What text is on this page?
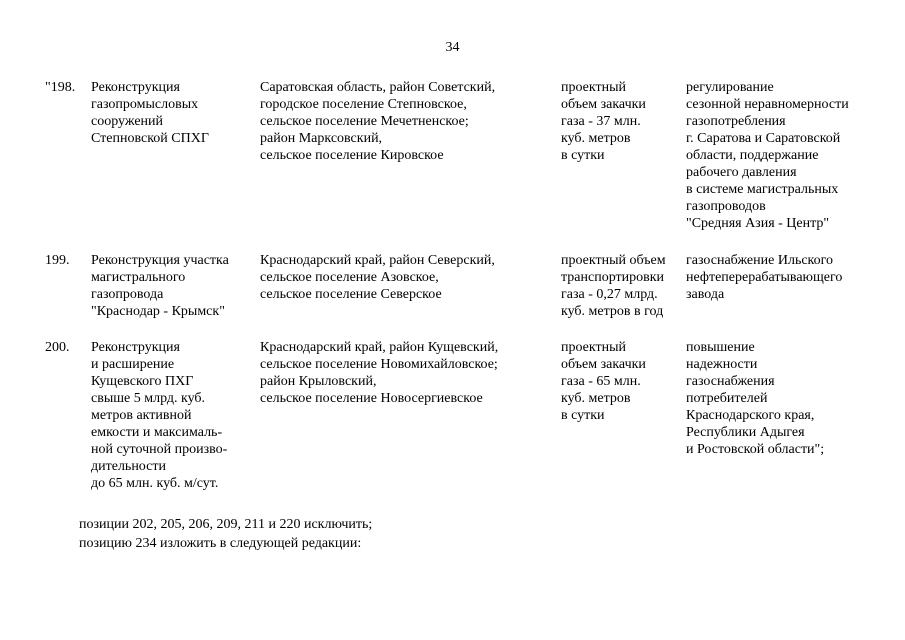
34
"198. Реконструкция
газопромысловых
сооружений
Степновской СПХГ
Саратовская область, район Советский,
городское поселение Степновское,
сельское поселение Мечетненское;
район Марксовский,
сельское поселение Кировское
проектный
объем закачки
газа - 37 млн.
куб. метров
в сутки
регулирование
сезонной неравномерности
газопотребления
г. Саратова и Саратовской
области, поддержание
рабочего давления
в системе магистральных
газопроводов
"Средняя Азия - Центр"
199. Реконструкция участка
магистрального
газопровода
"Краснодар - Крымск"
Краснодарский край, район Северский,
сельское поселение Азовское,
сельское поселение Северское
проектный объем
транспортировки
газа - 0,27 млрд.
куб. метров в год
газоснабжение Ильского
нефтеперерабатывающего
завода
200. Реконструкция
и расширение
Кущевского ПХГ
свыше 5 млрд. куб.
метров активной
емкости и максималь-
ной суточной произво-
дительности
до 65 млн. куб. м/сут.
Краснодарский край, район Кущевский,
сельское поселение Новомихайловское;
район Крыловский,
сельское поселение Новосергиевское
проектный
объем закачки
газа - 65 млн.
куб. метров
в сутки
повышение
надежности
газоснабжения
потребителей
Краснодарского края,
Республики Адыгея
и Ростовской области";
позиции 202, 205, 206, 209, 211 и 220 исключить;
позицию 234 изложить в следующей редакции:
